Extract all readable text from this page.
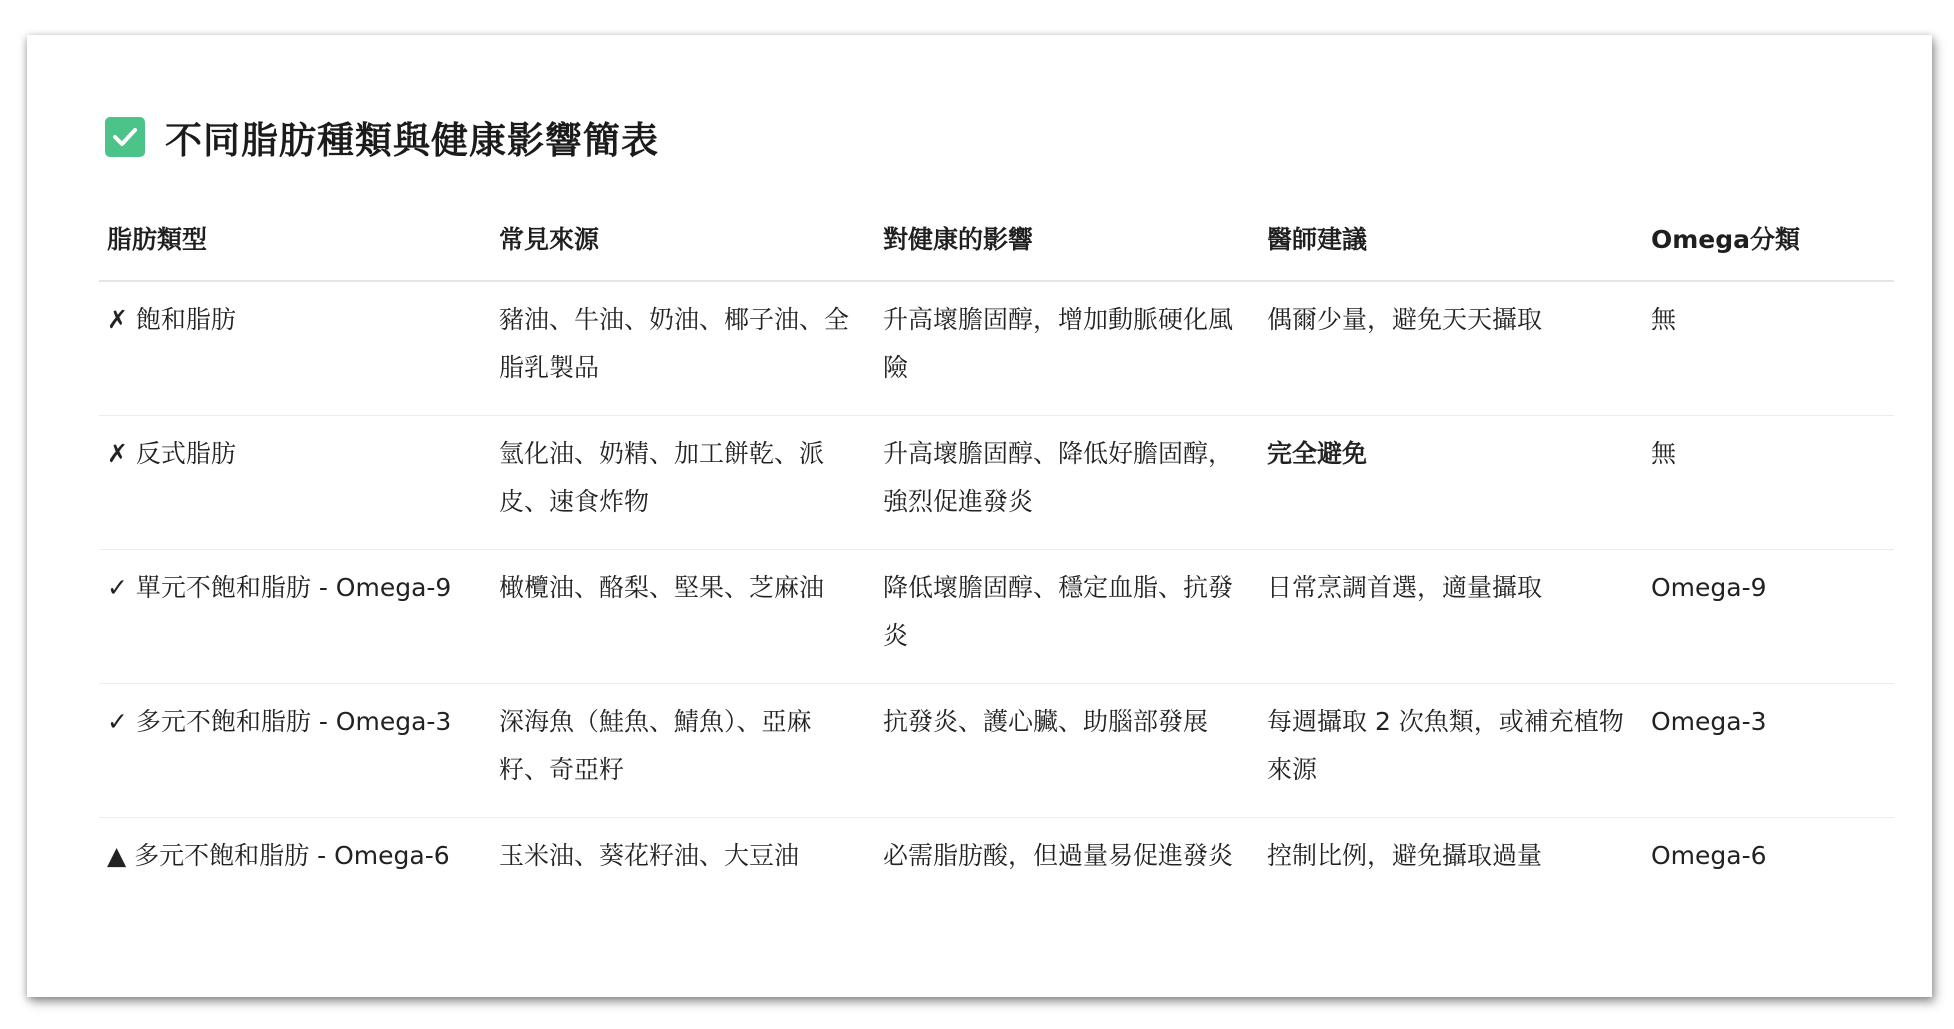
不同脂肪種類與健康影響簡表
脂肪類型	常見來源	對健康的影響	醫師建議	Omega分類

✗ 飽和脂肪	豬油、牛油、奶油、椰子油、全脂乳製品	升高壞膽固醇，增加動脈硬化風險	偶爾少量，避免天天攝取	無

✗ 反式脂肪	氫化油、奶精、加工餅乾、派皮、速食炸物	升高壞膽固醇、降低好膽固醇，強烈促進發炎	完全避免	無

✓ 單元不飽和脂肪 - Omega-9	橄欖油、酪梨、堅果、芝麻油	降低壞膽固醇、穩定血脂、抗發炎	日常烹調首選，適量攝取	Omega-9

✓ 多元不飽和脂肪 - Omega-3	深海魚（鮭魚、鯖魚）、亞麻籽、奇亞籽	抗發炎、護心臟、助腦部發展	每週攝取 2 次魚類，或補充植物來源	Omega-3

▲ 多元不飽和脂肪 - Omega-6	玉米油、葵花籽油、大豆油	必需脂肪酸，但過量易促進發炎	控制比例，避免攝取過量	Omega-6
